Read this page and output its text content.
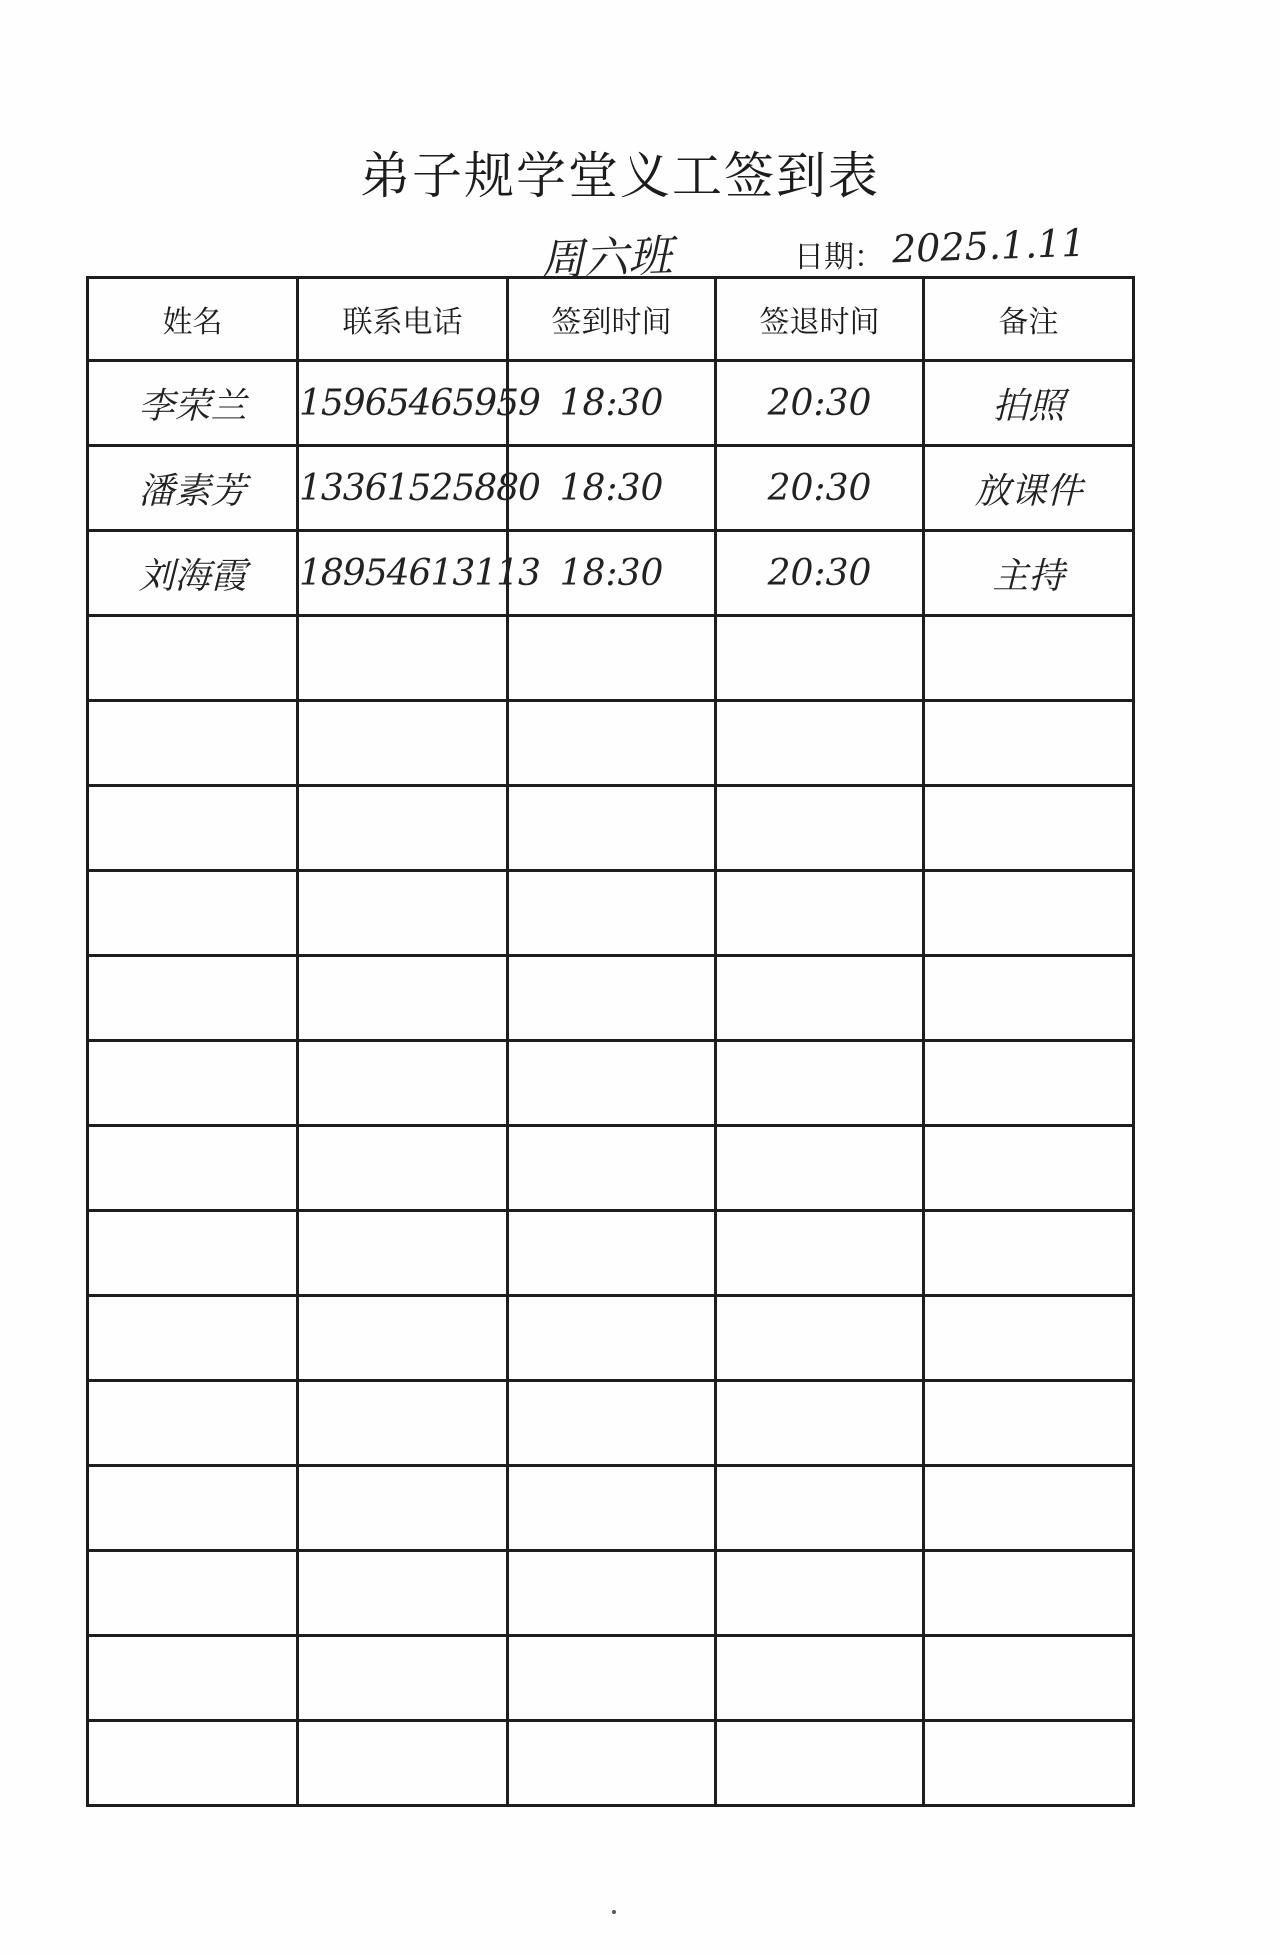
弟子规学堂义工签到表
周六班	日期： 2025.1.11
姓名	联系电话	签到时间	签退时间	备注
李荣兰	15965465959	18:30	20:30	拍照
潘素芳	13361525880	18:30	20:30	放课件
刘海霞	18954613113	18:30	20:30	主持
